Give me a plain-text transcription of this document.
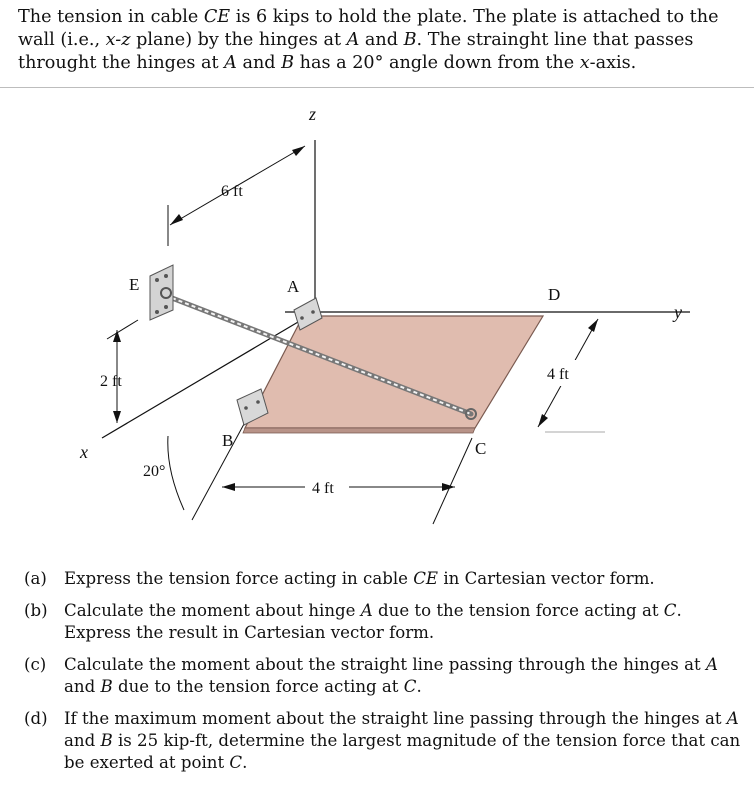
The tension in cable CE is 6 kips to hold the plate. The plate is attached to the wall (i.e., x-z plane) by the hinges at A and B. The strainght line that passes throught the hinges at A and B has a 20° angle down from the x-axis.

6 ft
2 ft	4 ft
4 ft
z
y
x
E	A
B	C
D
20°
(a)	Express the tension force acting in cable CE in Cartesian vector form.
(b) Calculate the moment about hinge A due to the tension force acting at C. Express the result in Cartesian vector form.
(c)	Calculate the moment about the straight line passing through the hinges at A and B due to the tension force acting at C.
(d) If the maximum moment about the straight line passing through the hinges at A and B is 25 kip-ft, determine the largest magnitude of the tension force that can be exerted at point C.
